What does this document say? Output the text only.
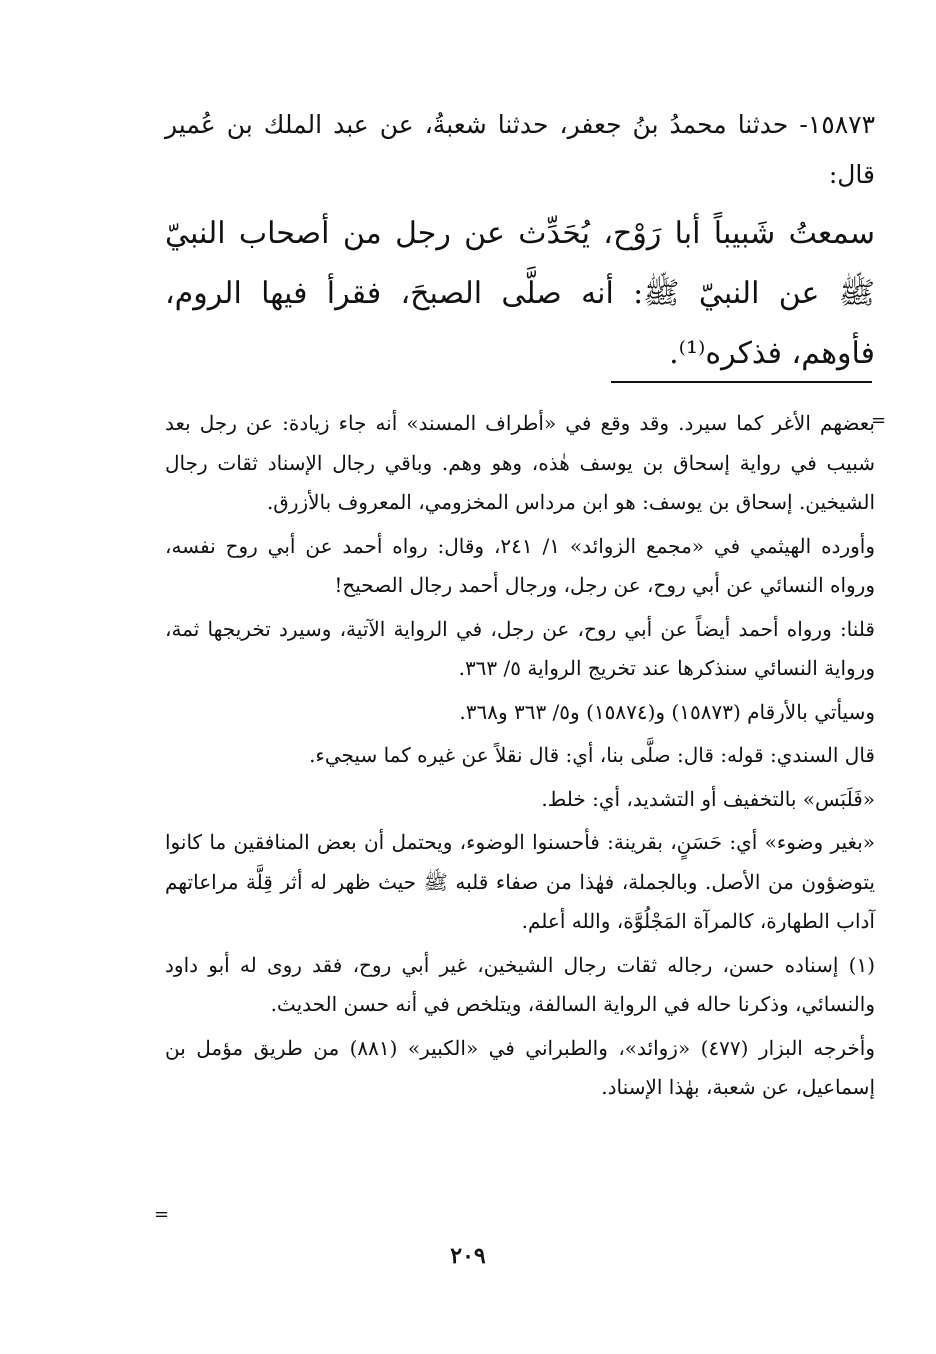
١٥٨٧٣- حدثنا محمدُ بنُ جعفر، حدثنا شعبةُ، عن عبد الملك بن عُمير قال:

سمعتُ شَبيباً أبا رَوْح، يُحَدِّث عن رجل من أصحاب النبيّ ﷺ عن النبيّ ﷺ: أنه صلَّى الصبحَ، فقرأ فيها الروم، فأوهم، فذكره⁽¹⁾.

=

بعضهم الأغر كما سيرد. وقد وقع في «أطراف المسند» أنه جاء زيادة: عن رجل بعد شبيب في رواية إسحاق بن يوسف هٰذه، وهو وهم. وباقي رجال الإسناد ثقات رجال الشيخين. إسحاق بن يوسف: هو ابن مرداس المخزومي، المعروف بالأزرق.

وأورده الهيثمي في «مجمع الزوائد» ١/ ٢٤١، وقال: رواه أحمد عن أبي روح نفسه، ورواه النسائي عن أبي روح، عن رجل، ورجال أحمد رجال الصحيح!

قلنا: ورواه أحمد أيضاً عن أبي روح، عن رجل، في الرواية الآتية، وسيرد تخريجها ثمة، ورواية النسائي سنذكرها عند تخريج الرواية ٥/ ٣٦٣.

وسيأتي بالأرقام (١٥٨٧٣) و(١٥٨٧٤) و٥/ ٣٦٣ و٣٦٨.

قال السندي: قوله: قال: صلَّى بنا، أي: قال نقلاً عن غيره كما سيجيء.

«فَلَبَس» بالتخفيف أو التشديد، أي: خلط.

«بغير وضوء» أي: حَسَنٍ، بقرينة: فأحسنوا الوضوء، ويحتمل أن بعض المنافقين ما كانوا يتوضؤون من الأصل. وبالجملة، فهٰذا من صفاء قلبه ﷺ حيث ظهر له أثر قِلَّة مراعاتهم آداب الطهارة، كالمرآة المَجْلُوَّة، والله أعلم.

(١) إسناده حسن، رجاله ثقات رجال الشيخين، غير أبي روح، فقد روى له أبو داود والنسائي، وذكرنا حاله في الرواية السالفة، ويتلخص في أنه حسن الحديث.

وأخرجه البزار (٤٧٧) «زوائد»، والطبراني في «الكبير» (٨٨١) من طريق مؤمل بن إسماعيل، عن شعبة، بهٰذا الإسناد.

=
٢٠٩
